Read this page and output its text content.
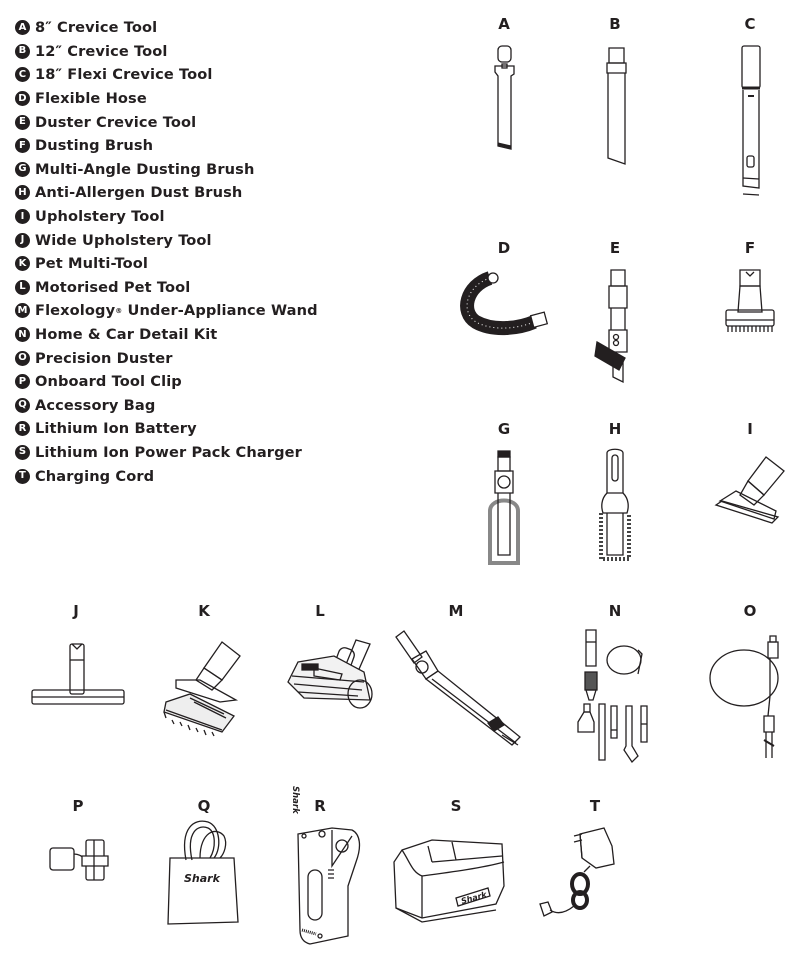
A 8″ Crevice Tool
B 12″ Crevice Tool
C 18″ Flexi Crevice Tool
D Flexible Hose
E Duster Crevice Tool
F Dusting Brush
G Multi-Angle Dusting Brush
H Anti-Allergen Dust Brush
I Upholstery Tool
J Wide Upholstery Tool
K Pet Multi-Tool
L Motorised Pet Tool
M Flexology ® Under-Appliance Wand
N Home & Car Detail Kit
O Precision Duster
P Onboard Tool Clip
Q Accessory Bag
R Lithium Ion Battery
S Lithium Ion Power Pack Charger
T Charging Cord
A	B	C
D	E	F
G	H	I
J	K	L	M	N	O
P	Q
Shark
R
Shark	S
Shark
T
